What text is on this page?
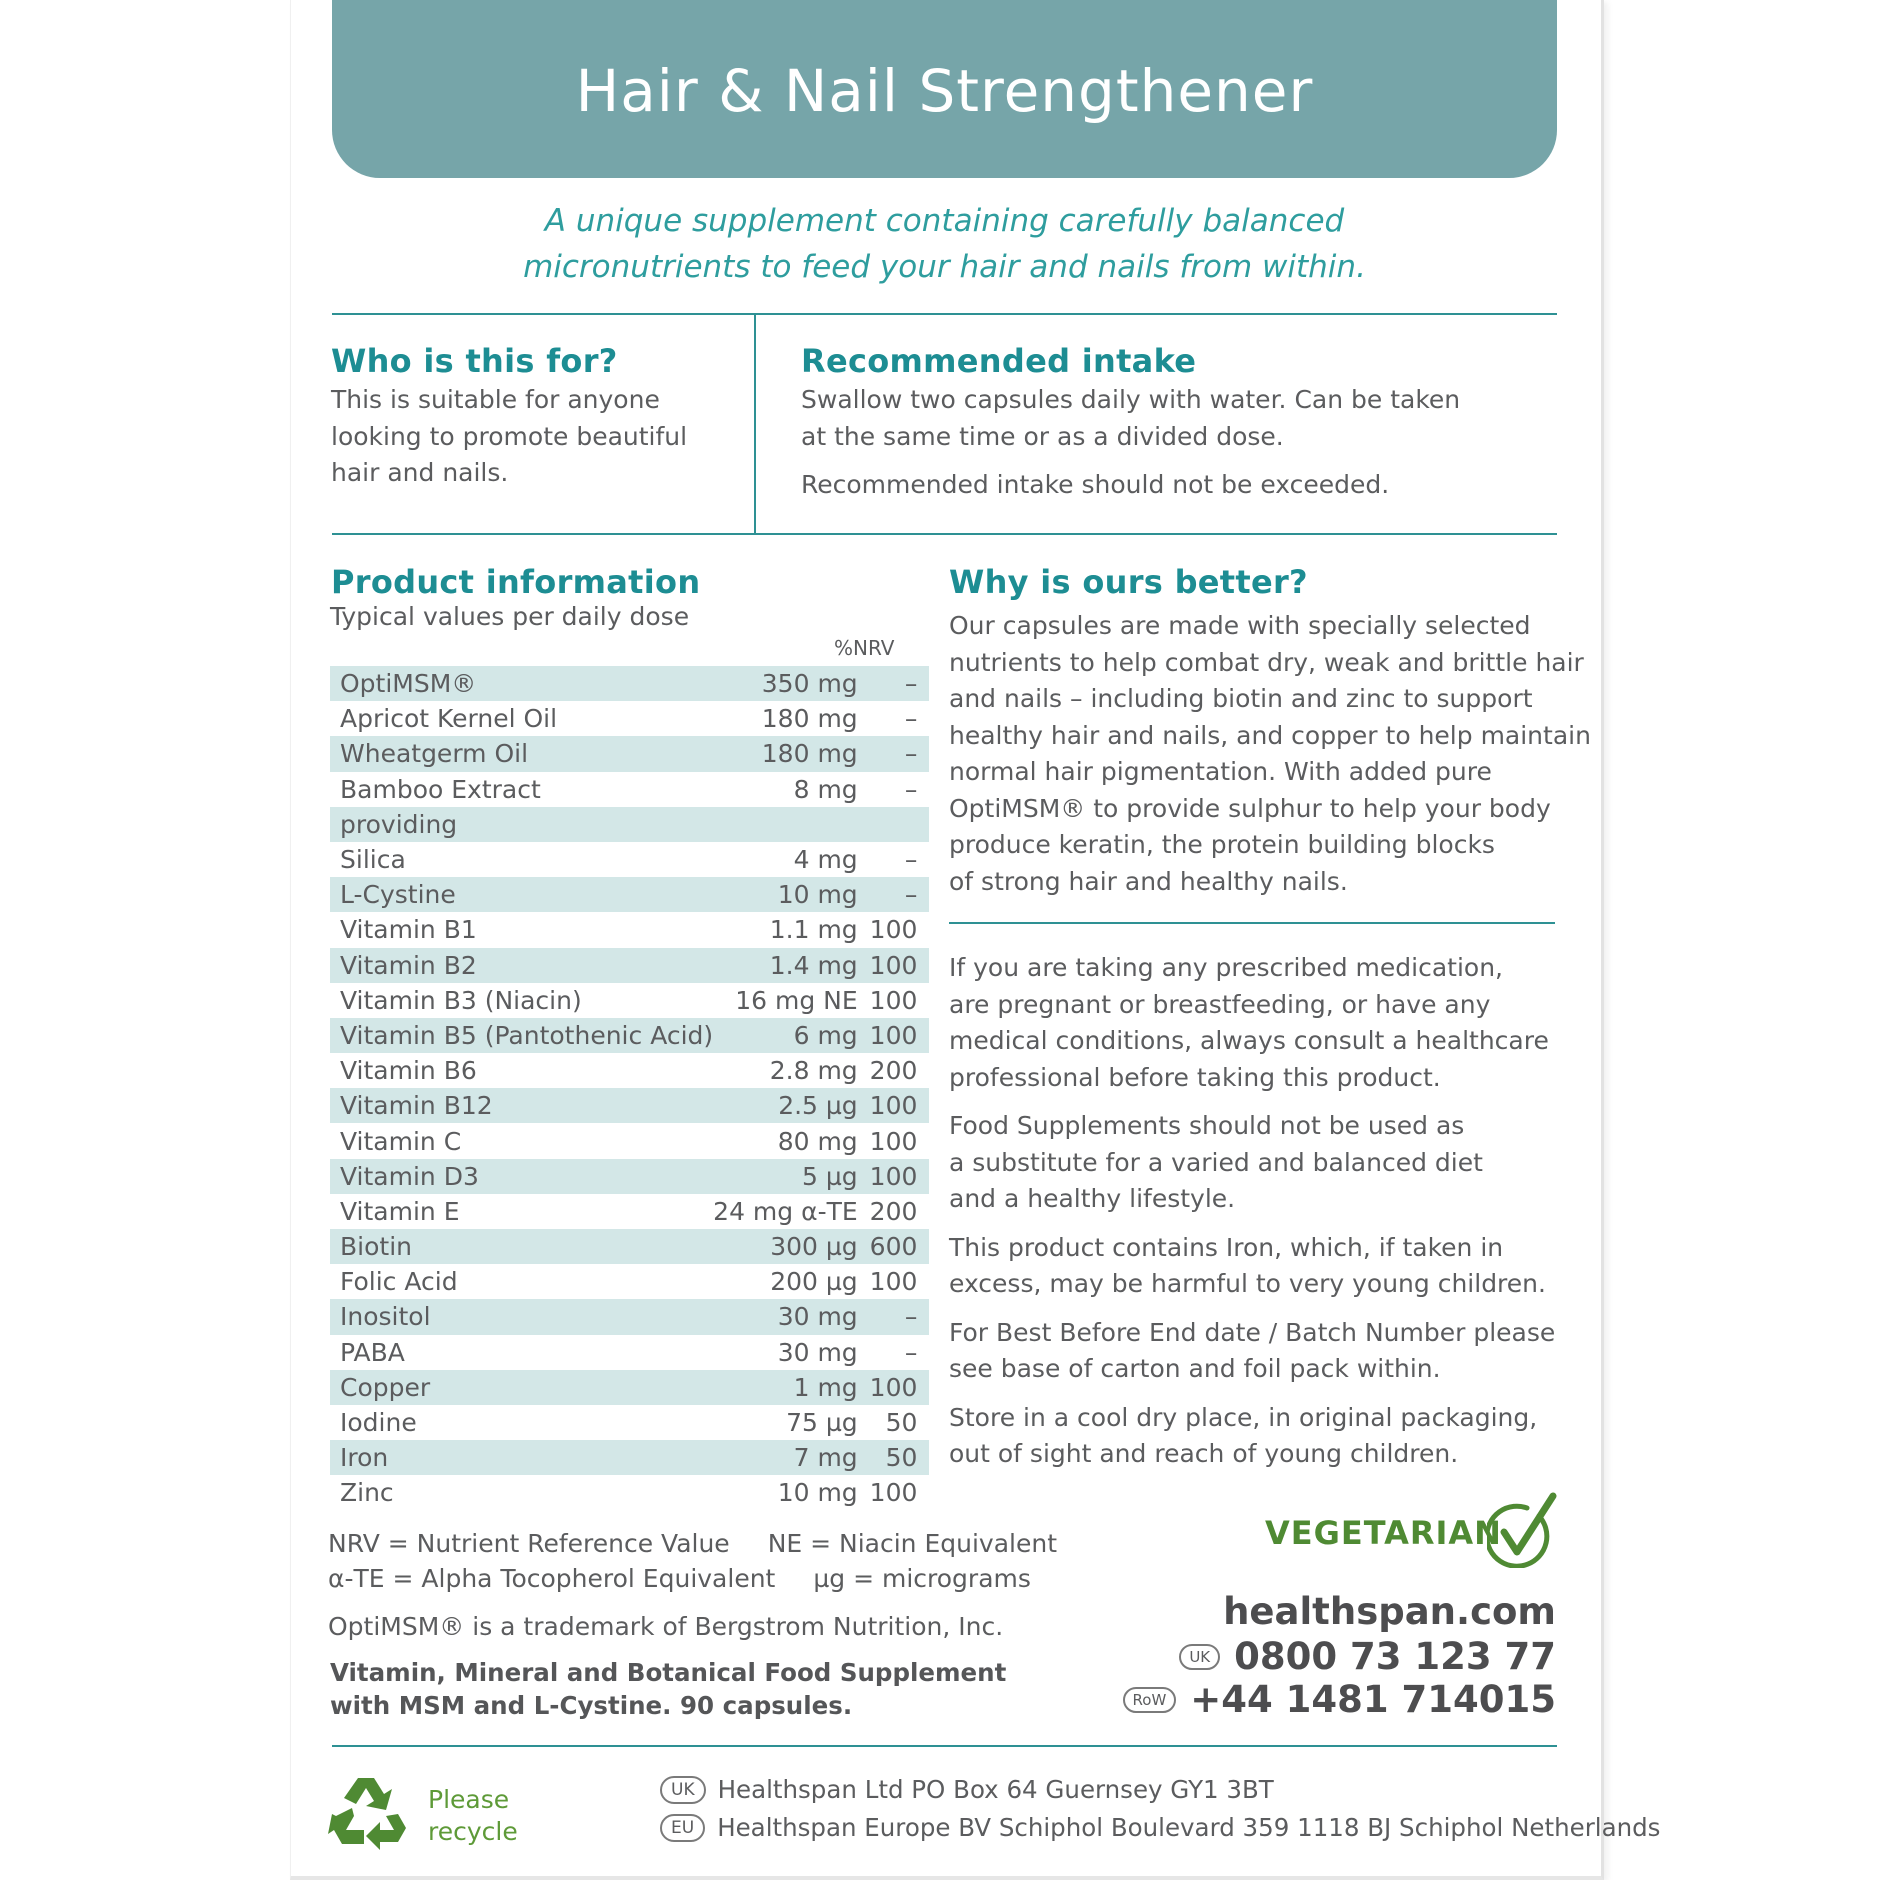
Hair & Nail Strengthener
A unique supplement containing carefully balanced
micronutrients to feed your hair and nails from within.
Who is this for?

This is suitable for anyone

looking to promote beautiful

hair and nails.

Recommended intake

Swallow two capsules daily with water. Can be taken

at the same time or as a divided dose.

Recommended intake should not be exceeded.

Product information
Typical values per daily dose
%NRV
OptiMSM®	350 mg	–
Apricot Kernel Oil	180 mg	–
Wheatgerm Oil	180 mg	–
Bamboo Extract	8 mg	–
providing		
Silica	4 mg	–
L-Cystine	10 mg	–
Vitamin B1	1.1 mg	100
Vitamin B2	1.4 mg	100
Vitamin B3 (Niacin)	16 mg NE	100
Vitamin B5 (Pantothenic Acid)	6 mg	100
Vitamin B6	2.8 mg	200
Vitamin B12	2.5 µg	100
Vitamin C	80 mg	100
Vitamin D3	5 µg	100
Vitamin E	24 mg α-TE	200
Biotin	300 µg	600
Folic Acid	200 µg	100
Inositol	30 mg	–
PABA	30 mg	–
Copper	1 mg	100
Iodine	75 µg	50
Iron	7 mg	50
Zinc	10 mg	100
Why is ours better?

Our capsules are made with specially selected

nutrients to help combat dry, weak and brittle hair

and nails – including biotin and zinc to support

healthy hair and nails, and copper to help maintain

normal hair pigmentation. With added pure

OptiMSM® to provide sulphur to help your body

produce keratin, the protein building blocks

of strong hair and healthy nails.

If you are taking any prescribed medication,

are pregnant or breastfeeding, or have any

medical conditions, always consult a healthcare

professional before taking this product.

Food Supplements should not be used as

a substitute for a varied and balanced diet

and a healthy lifestyle.

This product contains Iron, which, if taken in

excess, may be harmful to very young children.

For Best Before End date / Batch Number please

see base of carton and foil pack within.

Store in a cool dry place, in original packaging,

out of sight and reach of young children.

NRV = Nutrient Reference Value NE = Niacin Equivalent
α-TE = Alpha Tocopherol Equivalent µg = micrograms
OptiMSM® is a trademark of Bergstrom Nutrition, Inc.
Vitamin, Mineral and Botanical Food Supplement
with MSM and L-Cystine. 90 capsules.
VEGETARIAN
healthspan.com
UK 0800 73 123 77
RoW +44 1481 714015
Please
recycle
UK Healthspan Ltd PO Box 64 Guernsey GY1 3BT
EU Healthspan Europe BV Schiphol Boulevard 359 1118 BJ Schiphol Netherlands
